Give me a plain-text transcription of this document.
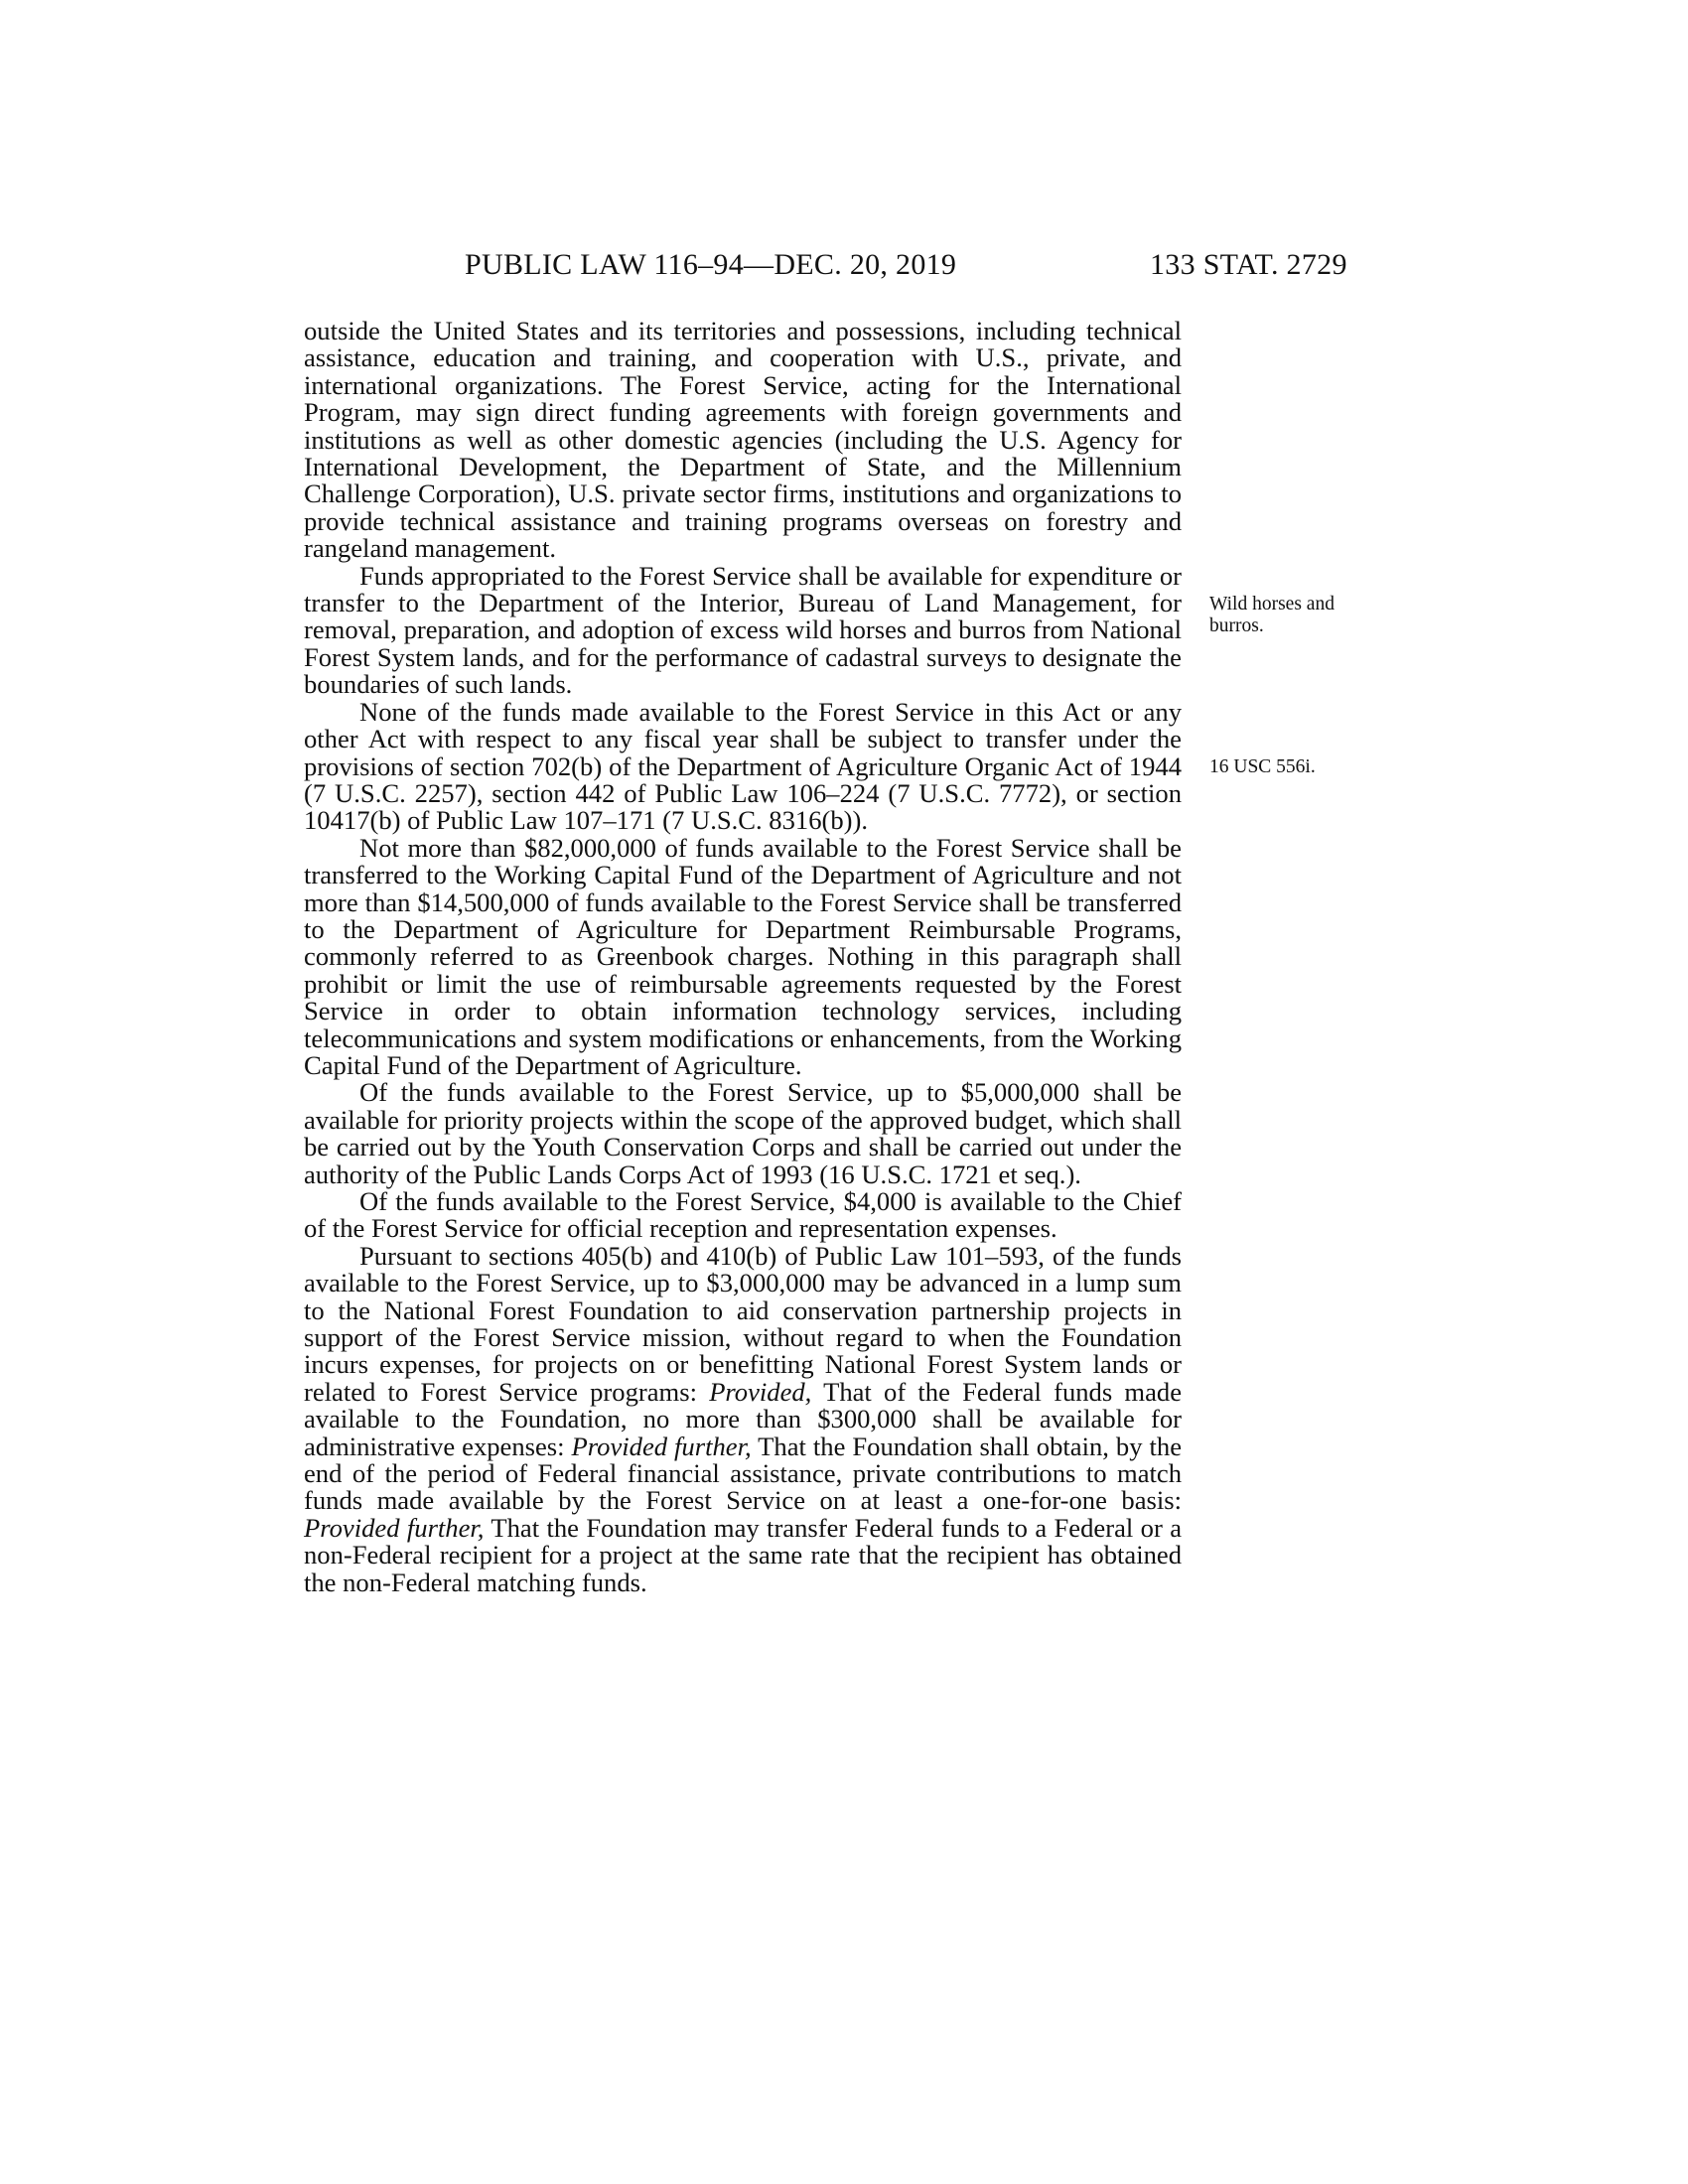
PUBLIC LAW 116–94—DEC. 20, 2019	133 STAT. 2729

outside the United States and its territories and possessions, including technical assistance, education and training, and cooperation with U.S., private, and international organizations. The Forest Service, acting for the International Program, may sign direct funding agreements with foreign governments and institutions as well as other domestic agencies (including the U.S. Agency for International Development, the Department of State, and the Millennium Challenge Corporation), U.S. private sector firms, institutions and organizations to provide technical assistance and training programs overseas on forestry and rangeland management.

Funds appropriated to the Forest Service shall be available for expenditure or transfer to the Department of the Interior, Bureau of Land Management, for removal, preparation, and adoption of excess wild horses and burros from National Forest System lands, and for the performance of cadastral surveys to designate the boundaries of such lands.

None of the funds made available to the Forest Service in this Act or any other Act with respect to any fiscal year shall be subject to transfer under the provisions of section 702(b) of the Department of Agriculture Organic Act of 1944 (7 U.S.C. 2257), section 442 of Public Law 106–224 (7 U.S.C. 7772), or section 10417(b) of Public Law 107–171 (7 U.S.C. 8316(b)).

Not more than $82,000,000 of funds available to the Forest Service shall be transferred to the Working Capital Fund of the Department of Agriculture and not more than $14,500,000 of funds available to the Forest Service shall be transferred to the Department of Agriculture for Department Reimbursable Programs, commonly referred to as Greenbook charges. Nothing in this paragraph shall prohibit or limit the use of reimbursable agreements requested by the Forest Service in order to obtain information technology services, including telecommunications and system modifications or enhancements, from the Working Capital Fund of the Department of Agriculture.

Of the funds available to the Forest Service, up to $5,000,000 shall be available for priority projects within the scope of the approved budget, which shall be carried out by the Youth Conservation Corps and shall be carried out under the authority of the Public Lands Corps Act of 1993 (16 U.S.C. 1721 et seq.).

Of the funds available to the Forest Service, $4,000 is available to the Chief of the Forest Service for official reception and representation expenses.

Pursuant to sections 405(b) and 410(b) of Public Law 101–593, of the funds available to the Forest Service, up to $3,000,000 may be advanced in a lump sum to the National Forest Foundation to aid conservation partnership projects in support of the Forest Service mission, without regard to when the Foundation incurs expenses, for projects on or benefitting National Forest System lands or related to Forest Service programs: Provided, That of the Federal funds made available to the Foundation, no more than $300,000 shall be available for administrative expenses: Provided further, That the Foundation shall obtain, by the end of the period of Federal financial assistance, private contributions to match funds made available by the Forest Service on at least a one-for-one basis: Provided further, That the Foundation may transfer Federal funds to a Federal or a non-Federal recipient for a project at the same rate that the recipient has obtained the non-Federal matching funds.

Wild horses and
burros.
16 USC 556i.
